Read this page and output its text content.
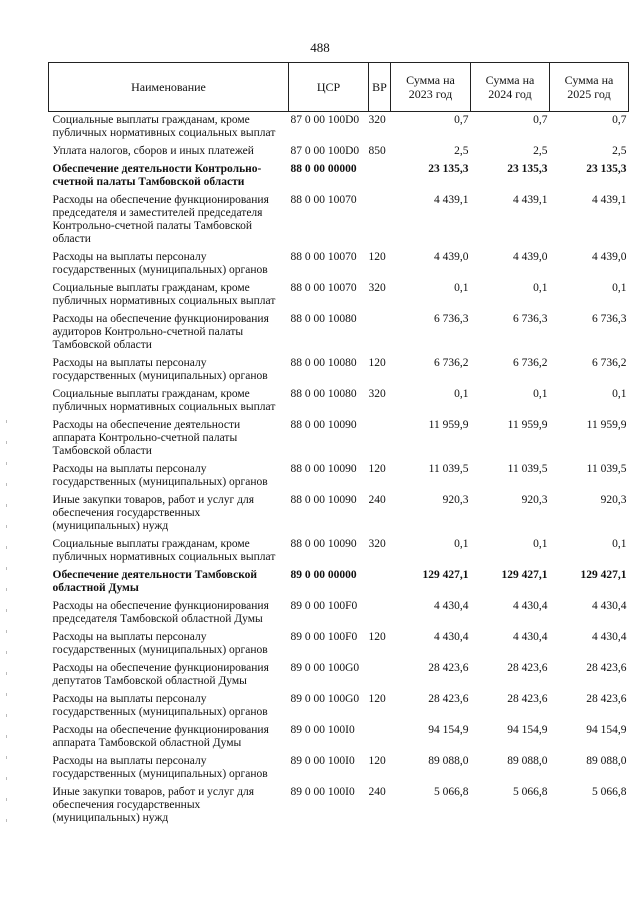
488
Наименование	ЦСР	ВР	Сумма на 2023 год	Сумма на 2024 год	Сумма на 2025 год
Социальные выплаты гражданам, кроме публичных нормативных социальных выплат	87 0 00 100D0	320	0,7	0,7	0,7
Уплата налогов, сборов и иных платежей	87 0 00 100D0	850	2,5	2,5	2,5
Обеспечение деятельности Контрольно-счетной палаты Тамбовской области	88 0 00 00000		23 135,3	23 135,3	23 135,3
Расходы на обеспечение функционирования председателя и заместителей председателя Контрольно-счетной палаты Тамбовской области	88 0 00 10070		4 439,1	4 439,1	4 439,1
Расходы на выплаты персоналу государственных (муниципальных) органов	88 0 00 10070	120	4 439,0	4 439,0	4 439,0
Социальные выплаты гражданам, кроме публичных нормативных социальных выплат	88 0 00 10070	320	0,1	0,1	0,1
Расходы на обеспечение функционирования аудиторов Контрольно-счетной палаты Тамбовской области	88 0 00 10080		6 736,3	6 736,3	6 736,3
Расходы на выплаты персоналу государственных (муниципальных) органов	88 0 00 10080	120	6 736,2	6 736,2	6 736,2
Социальные выплаты гражданам, кроме публичных нормативных социальных выплат	88 0 00 10080	320	0,1	0,1	0,1
Расходы на обеспечение деятельности аппарата Контрольно-счетной палаты Тамбовской области	88 0 00 10090		11 959,9	11 959,9	11 959,9
Расходы на выплаты персоналу государственных (муниципальных) органов	88 0 00 10090	120	11 039,5	11 039,5	11 039,5
Иные закупки товаров, работ и услуг для обеспечения государственных (муниципальных) нужд	88 0 00 10090	240	920,3	920,3	920,3
Социальные выплаты гражданам, кроме публичных нормативных социальных выплат	88 0 00 10090	320	0,1	0,1	0,1
Обеспечение деятельности Тамбовской областной Думы	89 0 00 00000		129 427,1	129 427,1	129 427,1
Расходы на обеспечение функционирования председателя Тамбовской областной Думы	89 0 00 100F0		4 430,4	4 430,4	4 430,4
Расходы на выплаты персоналу государственных (муниципальных) органов	89 0 00 100F0	120	4 430,4	4 430,4	4 430,4
Расходы на обеспечение функционирования депутатов Тамбовской областной Думы	89 0 00 100G0		28 423,6	28 423,6	28 423,6
Расходы на выплаты персоналу государственных (муниципальных) органов	89 0 00 100G0	120	28 423,6	28 423,6	28 423,6
Расходы на обеспечение функционирования аппарата Тамбовской областной Думы	89 0 00 100I0		94 154,9	94 154,9	94 154,9
Расходы на выплаты персоналу государственных (муниципальных) органов	89 0 00 100I0	120	89 088,0	89 088,0	89 088,0
Иные закупки товаров, работ и услуг для обеспечения государственных (муниципальных) нужд	89 0 00 100I0	240	5 066,8	5 066,8	5 066,8
